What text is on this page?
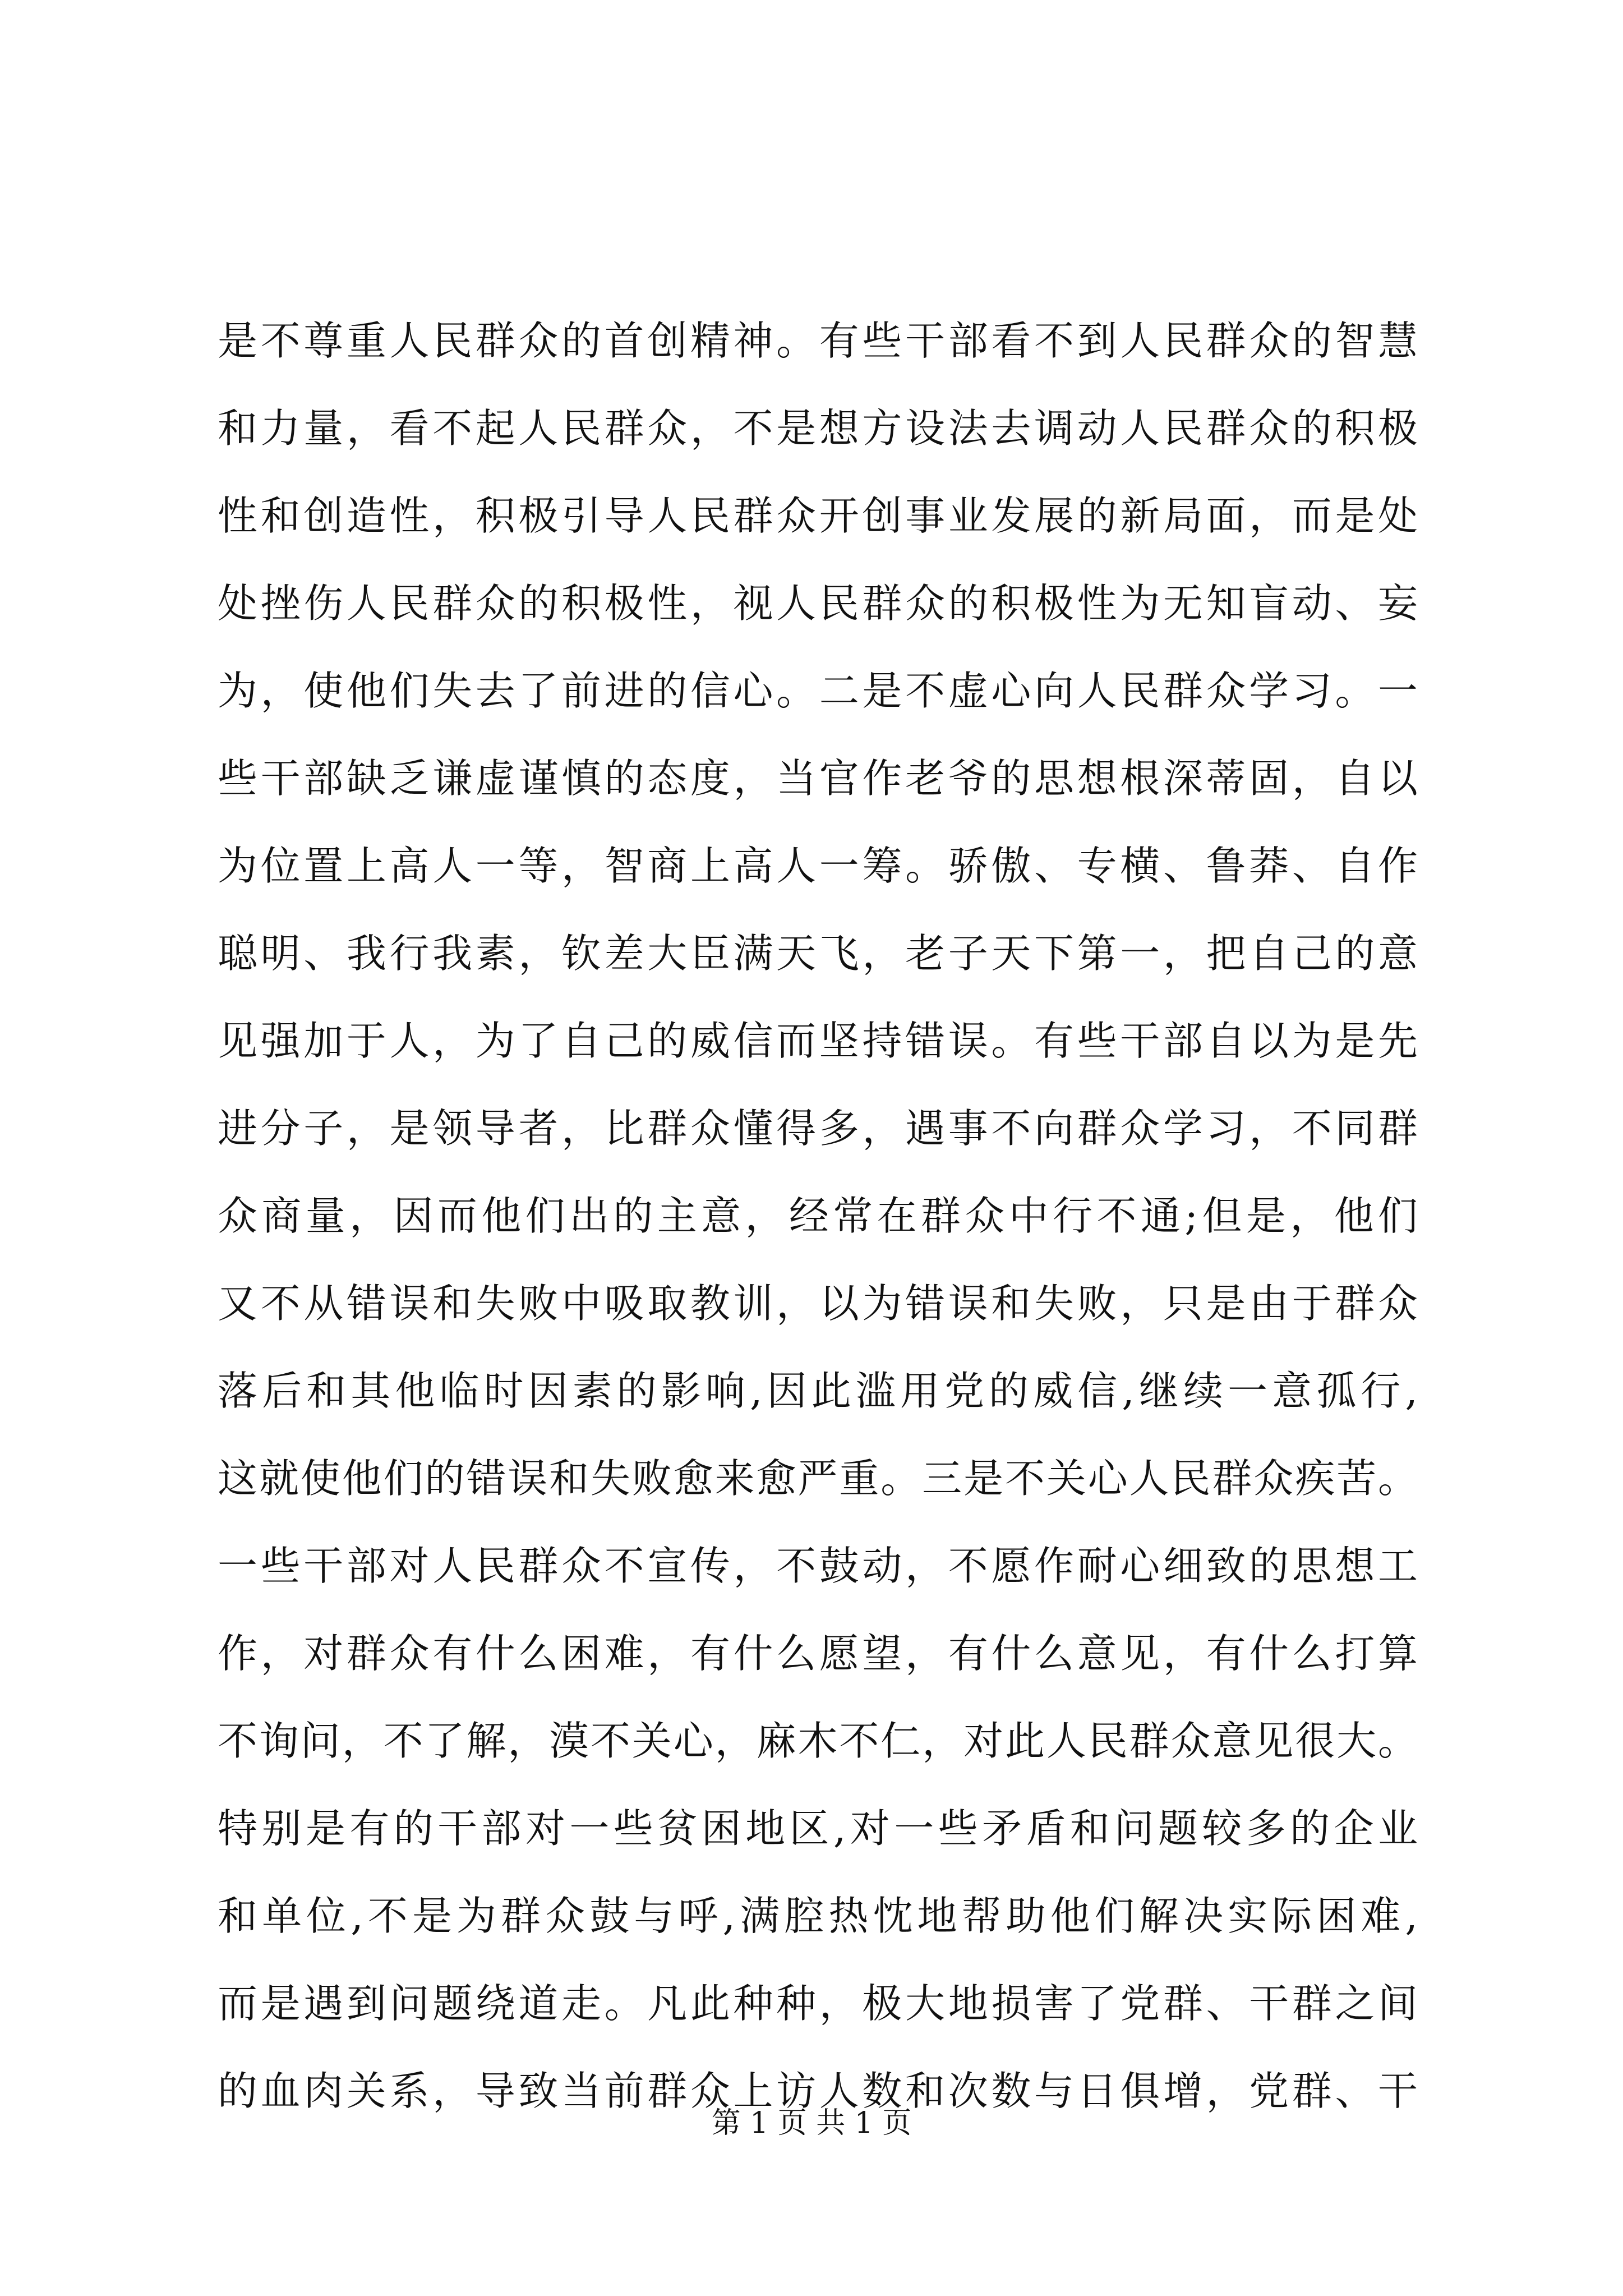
是不尊重人民群众的首创精神。有些干部看不到人民群众的智慧
和力量，看不起人民群众，不是想方设法去调动人民群众的积极
性和创造性，积极引导人民群众开创事业发展的新局面，而是处
处挫伤人民群众的积极性，视人民群众的积极性为无知盲动、妄
为，使他们失去了前进的信心。二是不虚心向人民群众学习。一
些干部缺乏谦虚谨慎的态度，当官作老爷的思想根深蒂固，自以
为位置上高人一等，智商上高人一筹。骄傲、专横、鲁莽、自作
聪明、我行我素，钦差大臣满天飞，老子天下第一，把自己的意
见强加于人，为了自己的威信而坚持错误。有些干部自以为是先
进分子，是领导者，比群众懂得多，遇事不向群众学习，不同群
众商量，因而他们出的主意，经常在群众中行不通;但是，他们
又不从错误和失败中吸取教训，以为错误和失败，只是由于群众
落后和其他临时因素的影响,因此滥用党的威信,继续一意孤行,
这就使他们的错误和失败愈来愈严重。三是不关心人民群众疾苦。
一些干部对人民群众不宣传，不鼓动，不愿作耐心细致的思想工
作，对群众有什么困难，有什么愿望，有什么意见，有什么打算
不询问，不了解，漠不关心，麻木不仁，对此人民群众意见很大。
特别是有的干部对一些贫困地区,对一些矛盾和问题较多的企业
和单位,不是为群众鼓与呼,满腔热忱地帮助他们解决实际困难,
而是遇到问题绕道走。凡此种种，极大地损害了党群、干群之间
的血肉关系，导致当前群众上访人数和次数与日俱增，党群、干
第 1 页 共 1 页
